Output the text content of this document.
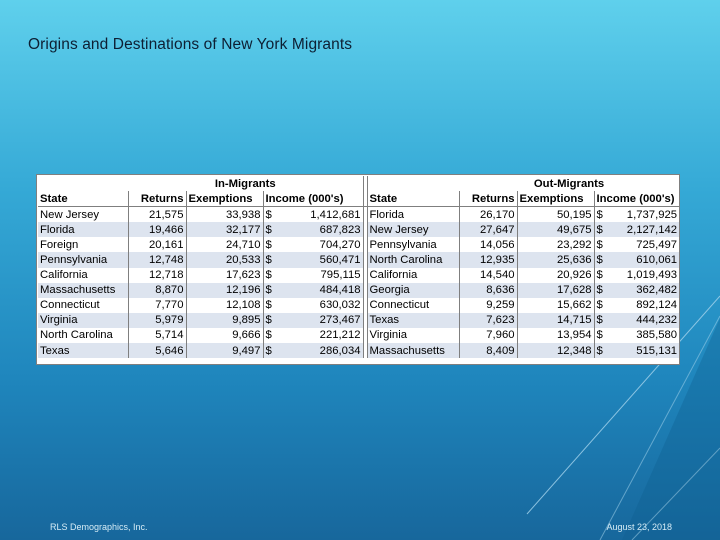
Origins and Destinations of New York Migrants
	In-Migrants						Out-Migrants			
State	Returns	Exemptions	Income (000's)			State	Returns	Exemptions	Income (000's)	
New Jersey	21,575	33,938	$	1,412,681		Florida	26,170	50,195	$	1,737,925
Florida	19,466	32,177	$	687,823		New Jersey	27,647	49,675	$	2,127,142
Foreign	20,161	24,710	$	704,270		Pennsylvania	14,056	23,292	$	725,497
Pennsylvania	12,748	20,533	$	560,471		North Carolina	12,935	25,636	$	610,061
California	12,718	17,623	$	795,115		California	14,540	20,926	$	1,019,493
Massachusetts	8,870	12,196	$	484,418		Georgia	8,636	17,628	$	362,482
Connecticut	7,770	12,108	$	630,032		Connecticut	9,259	15,662	$	892,124
Virginia	5,979	9,895	$	273,467		Texas	7,623	14,715	$	444,232
North Carolina	5,714	9,666	$	221,212		Virginia	7,960	13,954	$	385,580
Texas	5,646	9,497	$	286,034		Massachusetts	8,409	12,348	$	515,131
RLS Demographics, Inc.	August 23, 2018
